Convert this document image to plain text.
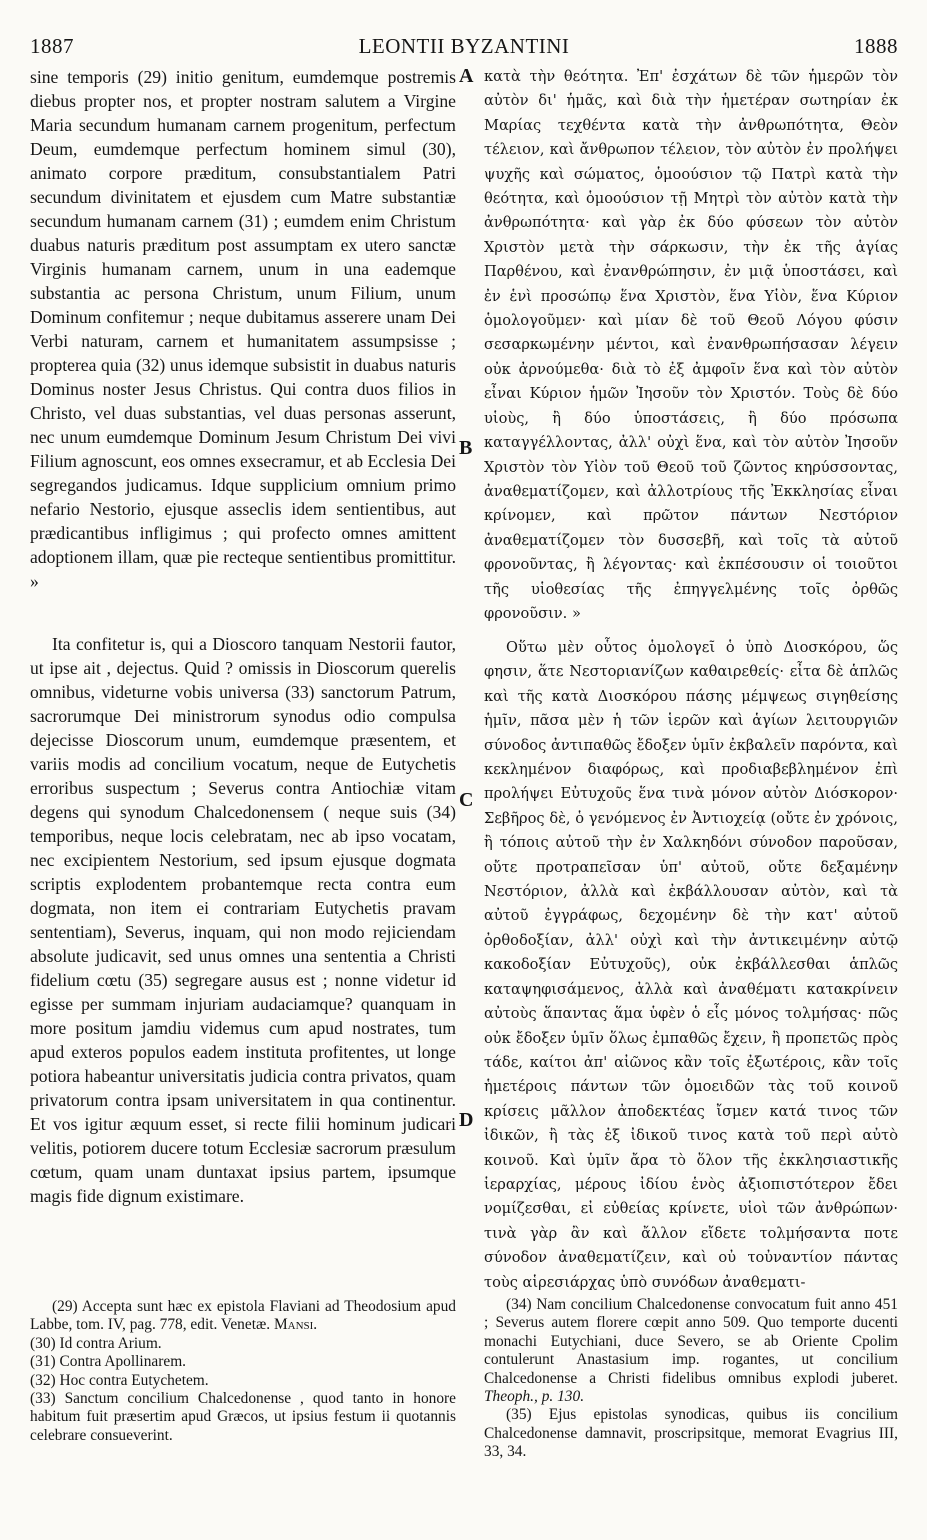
1887	LEONTII BYZANTINI	1888
sine temporis (29) initio genitum, eumdemque postremis diebus propter nos, et propter nostram salutem a Virgine Maria secundum humanam carnem progenitum, perfectum Deum, eumdemque perfectum hominem simul (30), animato corpore præditum, consubstantialem Patri secundum divinitatem et ejusdem cum Matre substantiæ secundum humanam carnem (31) ; eumdem enim Christum duabus naturis præditum post assumptam ex utero sanctæ Virginis humanam carnem, unum in una eademque substantia ac persona Christum, unum Filium, unum Dominum confitemur ; neque dubitamus asserere unam Dei Verbi naturam, carnem et humanitatem assumpsisse ; propterea quia (32) unus idemque subsistit in duabus naturis Dominus noster Jesus Christus. Qui contra duos filios in Christo, vel duas substantias, vel duas personas asserunt, nec unum eumdemque Dominum Jesum Christum Dei vivi Filium agnoscunt, eos omnes exsecramur, et ab Ecclesia Dei segregandos judicamus. Idque supplicium omnium primo nefario Nestorio, ejusque asseclis idem sentientibus, aut prædicantibus infligimus ; qui profecto omnes amittent adoptionem illam, quæ pie recteque sentientibus promittitur. »
Ita confitetur is, qui a Dioscoro tanquam Nestorii fautor, ut ipse ait , dejectus. Quid ? omissis in Dioscorum querelis omnibus, videturne vobis universa (33) sanctorum Patrum, sacrorumque Dei ministrorum synodus odio compulsa dejecisse Dioscorum unum, eumdemque præsentem, et variis modis ad concilium vocatum, neque de Eutychetis erroribus suspectum ; Severus contra Antiochiæ vitam degens qui synodum Chalcedonensem ( neque suis (34) temporibus, neque locis celebratam, nec ab ipso vocatam, nec excipientem Nestorium, sed ipsum ejusque dogmata scriptis explodentem probantemque recta contra eum dogmata, non item ei contrariam Eutychetis pravam sententiam), Severus, inquam, qui non modo rejiciendam absolute judicavit, sed unus omnes una sententia a Christi fidelium cœtu (35) segregare ausus est ; nonne videtur id egisse per summam injuriam audaciamque? quanquam in more positum jamdiu videmus cum apud nostrates, tum apud exteros populos eadem instituta profitentes, ut longe potiora habeantur universitatis judicia contra privatos, quam privatorum contra ipsam universitatem in qua continentur. Et vos igitur æquum esset, si recte filii hominum judicari velitis, potiorem ducere totum Ecclesiæ sacrorum præsulum cœtum, quam unam duntaxat ipsius partem, ipsumque magis fide dignum existimare.
A
B
C
D
κατὰ τὴν θεότητα. Ἐπ' ἐσχάτων δὲ τῶν ἡμερῶν τὸν αὐτὸν δι' ἡμᾶς, καὶ διὰ τὴν ἡμετέραν σωτηρίαν ἐκ Μαρίας τεχθέντα κατὰ τὴν ἀνθρωπότητα, Θεὸν τέλειον, καὶ ἄνθρωπον τέλειον, τὸν αὐτὸν ἐν προλήψει ψυχῆς καὶ σώματος, ὁμοούσιον τῷ Πατρὶ κατὰ τὴν θεότητα, καὶ ὁμοούσιον τῇ Μητρὶ τὸν αὐτὸν κατὰ τὴν ἀνθρωπότητα· καὶ γὰρ ἐκ δύο φύσεων τὸν αὐτὸν Χριστὸν μετὰ τὴν σάρκωσιν, τὴν ἐκ τῆς ἁγίας Παρθένου, καὶ ἐνανθρώπησιν, ἐν μιᾷ ὑποστάσει, καὶ ἐν ἑνὶ προσώπῳ ἕνα Χριστὸν, ἕνα Υἱὸν, ἕνα Κύριον ὁμολογοῦμεν· καὶ μίαν δὲ τοῦ Θεοῦ Λόγου φύσιν σεσαρκωμένην μέντοι, καὶ ἐνανθρωπήσασαν λέγειν οὐκ ἀρνούμεθα· διὰ τὸ ἐξ ἀμφοῖν ἕνα καὶ τὸν αὐτὸν εἶναι Κύριον ἡμῶν Ἰησοῦν τὸν Χριστόν. Τοὺς δὲ δύο υἱοὺς, ἢ δύο ὑποστάσεις, ἢ δύο πρόσωπα καταγγέλλοντας, ἀλλ' οὐχὶ ἕνα, καὶ τὸν αὐτὸν Ἰησοῦν Χριστὸν τὸν Υἱὸν τοῦ Θεοῦ τοῦ ζῶντος κηρύσσοντας, ἀναθεματίζομεν, καὶ ἀλλοτρίους τῆς Ἐκκλησίας εἶναι κρίνομεν, καὶ πρῶτον πάντων Νεστόριον ἀναθεματίζομεν τὸν δυσσεβῆ, καὶ τοῖς τὰ αὐτοῦ φρονοῦντας, ἢ λέγοντας· καὶ ἐκπέσουσιν οἱ τοιοῦτοι τῆς υἱοθεσίας τῆς ἐπηγγελμένης τοῖς ὀρθῶς φρονοῦσιν. »
Οὕτω μὲν οὗτος ὁμολογεῖ ὁ ὑπὸ Διοσκόρου, ὥς φησιν, ἅτε Νεστοριανίζων καθαιρεθείς· εἶτα δὲ ἁπλῶς καὶ τῆς κατὰ Διοσκόρου πάσης μέμψεως σιγηθείσης ἡμῖν, πᾶσα μὲν ἡ τῶν ἱερῶν καὶ ἁγίων λειτουργιῶν σύνοδος ἀντιπαθῶς ἔδοξεν ὑμῖν ἐκβαλεῖν παρόντα, καὶ κεκλημένον διαφόρως, καὶ προδιαβεβλημένον ἐπὶ προλήψει Εὐτυχοῦς ἕνα τινὰ μόνον αὐτὸν Διόσκορον· Σεβῆρος δὲ, ὁ γενόμενος ἐν Ἀντιοχείᾳ (οὔτε ἐν χρόνοις, ἢ τόποις αὐτοῦ τὴν ἐν Χαλκηδόνι σύνοδον παροῦσαν, οὔτε προτραπεῖσαν ὑπ' αὐτοῦ, οὔτε δεξαμένην Νεστόριον, ἀλλὰ καὶ ἐκβάλλουσαν αὐτὸν, καὶ τὰ αὐτοῦ ἐγγράφως, δεχομένην δὲ τὴν κατ' αὐτοῦ ὀρθοδοξίαν, ἀλλ' οὐχὶ καὶ τὴν ἀντικειμένην αὐτῷ κακοδοξίαν Εὐτυχοῦς), οὐκ ἐκβάλλεσθαι ἁπλῶς καταψηφισάμενος, ἀλλὰ καὶ ἀναθέματι κατακρίνειν αὐτοὺς ἅπαντας ἅμα ὑφὲν ὁ εἷς μόνος τολμήσας· πῶς οὐκ ἔδοξεν ὑμῖν ὅλως ἐμπαθῶς ἔχειν, ἢ προπετῶς πρὸς τάδε, καίτοι ἀπ' αἰῶνος κἂν τοῖς ἐξωτέροις, κἂν τοῖς ἡμετέροις πάντων τῶν ὁμοειδῶν τὰς τοῦ κοινοῦ κρίσεις μᾶλλον ἀποδεκτέας ἴσμεν κατά τινος τῶν ἰδικῶν, ἢ τὰς ἐξ ἰδικοῦ τινος κατὰ τοῦ περὶ αὐτὸ κοινοῦ. Καὶ ὑμῖν ἄρα τὸ ὅλον τῆς ἐκκλησιαστικῆς ἱεραρχίας, μέρους ἰδίου ἑνὸς ἀξιοπιστότερον ἔδει νομίζεσθαι, εἰ εὐθείας κρίνετε, υἱοὶ τῶν ἀνθρώπων· τινὰ γὰρ ἂν καὶ ἄλλον εἴδετε τολμήσαντα ποτε σύνοδον ἀναθεματίζειν, καὶ οὐ τοὐναντίον πάντας τοὺς αἱρεσιάρχας ὑπὸ συνόδων ἀναθεματι-

(29) Accepta sunt hæc ex epistola Flaviani ad Theodosium apud Labbe, tom. IV, pag. 778, edit. Venetæ. Mansi.

(30) Id contra Arium.

(31) Contra Apollinarem.

(32) Hoc contra Eutychetem.

(33) Sanctum concilium Chalcedonense , quod tanto in honore habitum fuit præsertim apud Græcos, ut ipsius festum ii quotannis celebrare consueverint.

(34) Nam concilium Chalcedonense convocatum fuit anno 451 ; Severus autem florere cœpit anno 509. Quo temporte ducenti monachi Eutychiani, duce Severo, se ab Oriente Cpolim contulerunt Anastasium imp. rogantes, ut concilium Chalcedonense a Christi fidelibus omnibus explodi juberet. Theoph., p. 130.

(35) Ejus epistolas synodicas, quibus iis concilium Chalcedonense damnavit, proscripsitque, memorat Evagrius III, 33, 34.
